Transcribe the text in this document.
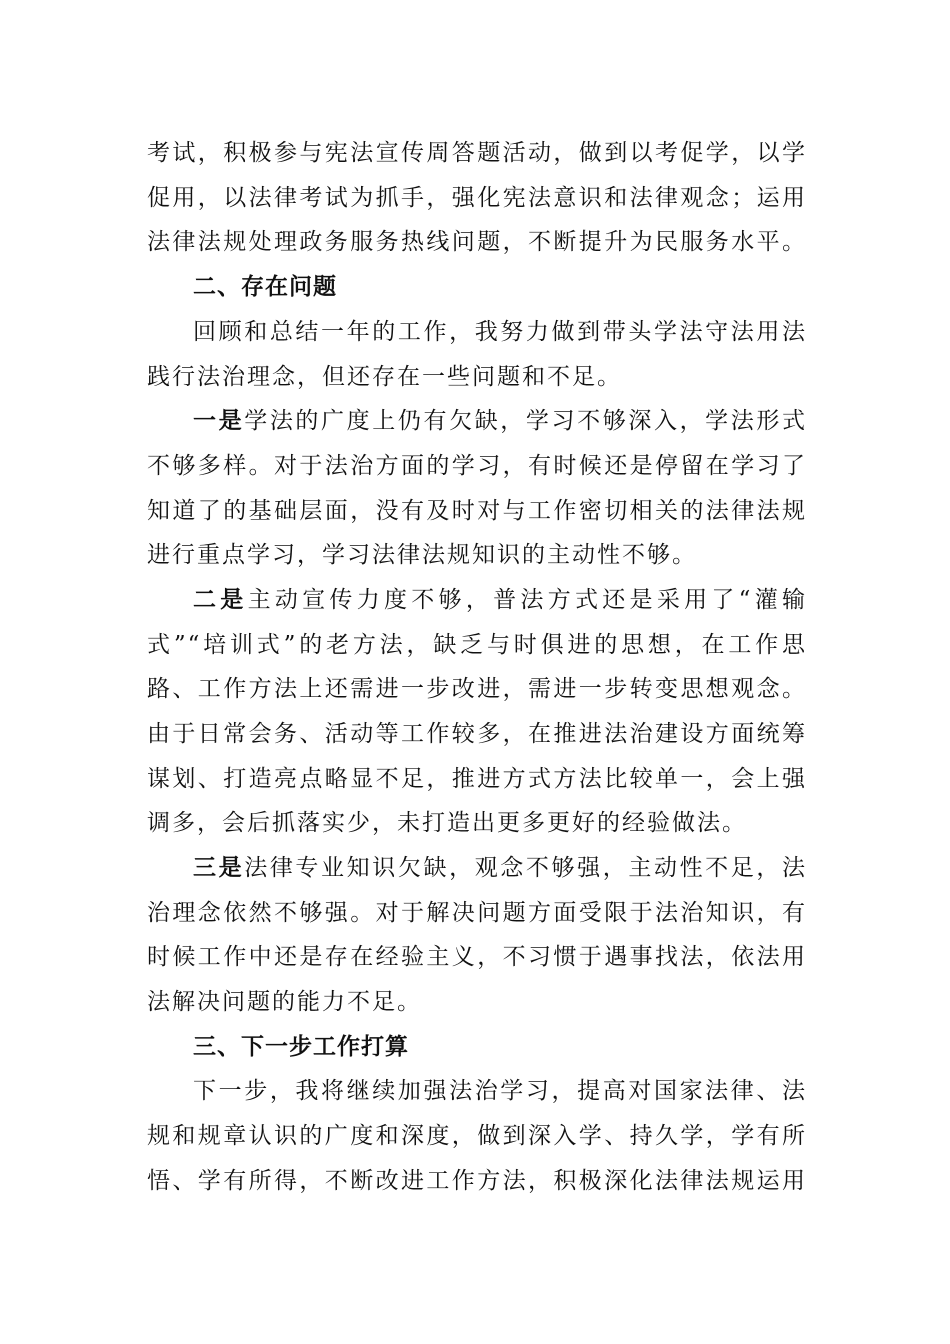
考试，积极参与宪法宣传周答题活动，做到以考促学，以学
促用，以法律考试为抓手，强化宪法意识和法律观念；运用
法律法规处理政务服务热线问题，不断提升为民服务水平。
二、存在问题
回顾和总结一年的工作，我努力做到带头学法守法用法
践行法治理念，但还存在一些问题和不足。
一是学法的广度上仍有欠缺，学习不够深入，学法形式
不够多样。对于法治方面的学习，有时候还是停留在学习了
知道了的基础层面，没有及时对与工作密切相关的法律法规
进行重点学习，学习法律法规知识的主动性不够。
二是主动宣传力度不够，普法方式还是采用了“灌输
式”“培训式”的老方法，缺乏与时俱进的思想，在工作思
路、工作方法上还需进一步改进，需进一步转变思想观念。
由于日常会务、活动等工作较多，在推进法治建设方面统筹
谋划、打造亮点略显不足，推进方式方法比较单一，会上强
调多，会后抓落实少，未打造出更多更好的经验做法。
三是法律专业知识欠缺，观念不够强，主动性不足，法
治理念依然不够强。对于解决问题方面受限于法治知识，有
时候工作中还是存在经验主义，不习惯于遇事找法，依法用
法解决问题的能力不足。
三、下一步工作打算
下一步，我将继续加强法治学习，提高对国家法律、法
规和规章认识的广度和深度，做到深入学、持久学，学有所
悟、学有所得，不断改进工作方法，积极深化法律法规运用
